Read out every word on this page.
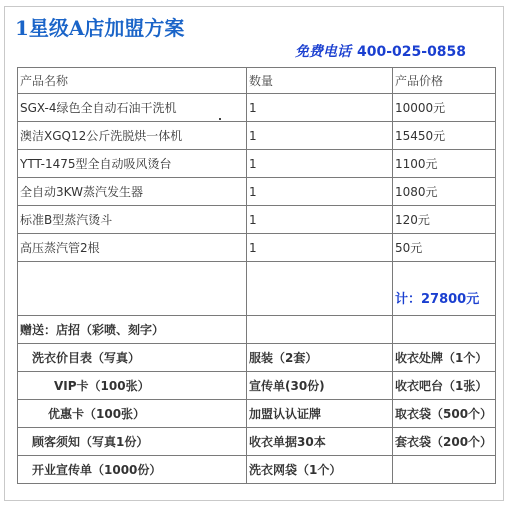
1星级A店加盟方案
免费电话 400-025-0858
产品名称	数量	产品价格
SGX-4绿色全自动石油干洗机	1	10000元
澳洁XGQ12公斤洗脱烘一体机	1	15450元
YTT-1475型全自动吸风烫台	1	1100元
全自动3KW蒸汽发生器	1	1080元
标准B型蒸汽烫斗	1	120元
高压蒸汽管2根	1	50元

		计：27800元

赠送：店招（彩喷、刻字）		
洗衣价目表（写真）	服装（2套）	收衣处牌（1个）
VIP卡（100张）	宣传单(30份)	收衣吧台（1张）
优惠卡（100张）	加盟认认证牌	取衣袋（500个）
顾客须知（写真1份）	收衣单据30本	套衣袋（200个）
开业宣传单（1000份）	洗衣网袋（1个）	
